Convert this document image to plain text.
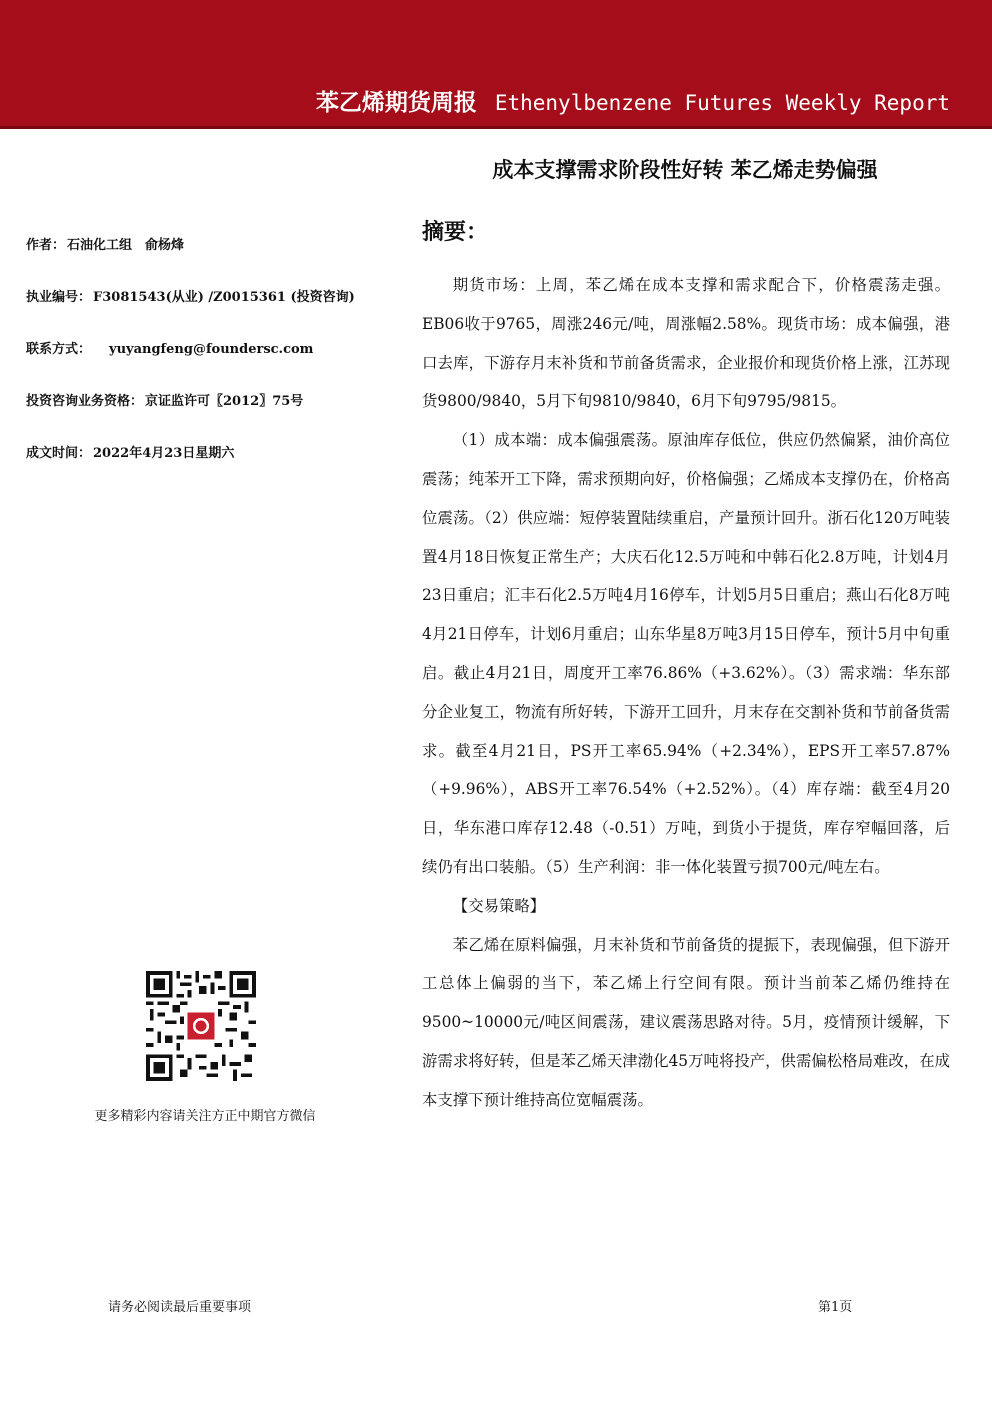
苯乙烯期货周报 Ethenylbenzene Futures Weekly Report
成本支撑需求阶段性好转 苯乙烯走势偏强
作者： 石油化工组　俞杨烽
执业编号： F3081543(从业) /Z0015361 (投资咨询)
联系方式： yuyangfeng@foundersc.com
投资咨询业务资格： 京证监许可〖2012〗75号
成文时间： 2022年4月23日星期六
摘要：

期货市场：上周，苯乙烯在成本支撑和需求配合下，价格震荡走强。EB06收于9765，周涨246元/吨，周涨幅2.58%。现货市场：成本偏强，港口去库，下游存月末补货和节前备货需求，企业报价和现货价格上涨，江苏现货9800/9840，5月下旬9810/9840，6月下旬9795/9815。

（1）成本端：成本偏强震荡。原油库存低位，供应仍然偏紧，油价高位震荡；纯苯开工下降，需求预期向好，价格偏强；乙烯成本支撑仍在，价格高位震荡。（2）供应端：短停装置陆续重启，产量预计回升。浙石化120万吨装置4月18日恢复正常生产；大庆石化12.5万吨和中韩石化2.8万吨，计划4月23日重启；汇丰石化2.5万吨4月16停车，计划5月5日重启；燕山石化8万吨4月21日停车，计划6月重启；山东华星8万吨3月15日停车，预计5月中旬重启。截止4月21日，周度开工率76.86%（+3.62%）。（3）需求端：华东部分企业复工，物流有所好转，下游开工回升，月末存在交割补货和节前备货需求。截至4月21日，PS开工率65.94%（+2.34%），EPS开工率57.87%（+9.96%），ABS开工率76.54%（+2.52%）。（4）库存端：截至4月20日，华东港口库存12.48（-0.51）万吨，到货小于提货，库存窄幅回落，后续仍有出口装船。（5）生产利润：非一体化装置亏损700元/吨左右。

【交易策略】

苯乙烯在原料偏强，月末补货和节前备货的提振下，表现偏强，但下游开工总体上偏弱的当下，苯乙烯上行空间有限。预计当前苯乙烯仍维持在9500~10000元/吨区间震荡，建议震荡思路对待。5月，疫情预计缓解，下游需求将好转，但是苯乙烯天津渤化45万吨将投产，供需偏松格局难改，在成本支撑下预计维持高位宽幅震荡。

更多精彩内容请关注方正中期官方微信
请务必阅读最后重要事项	第1页
